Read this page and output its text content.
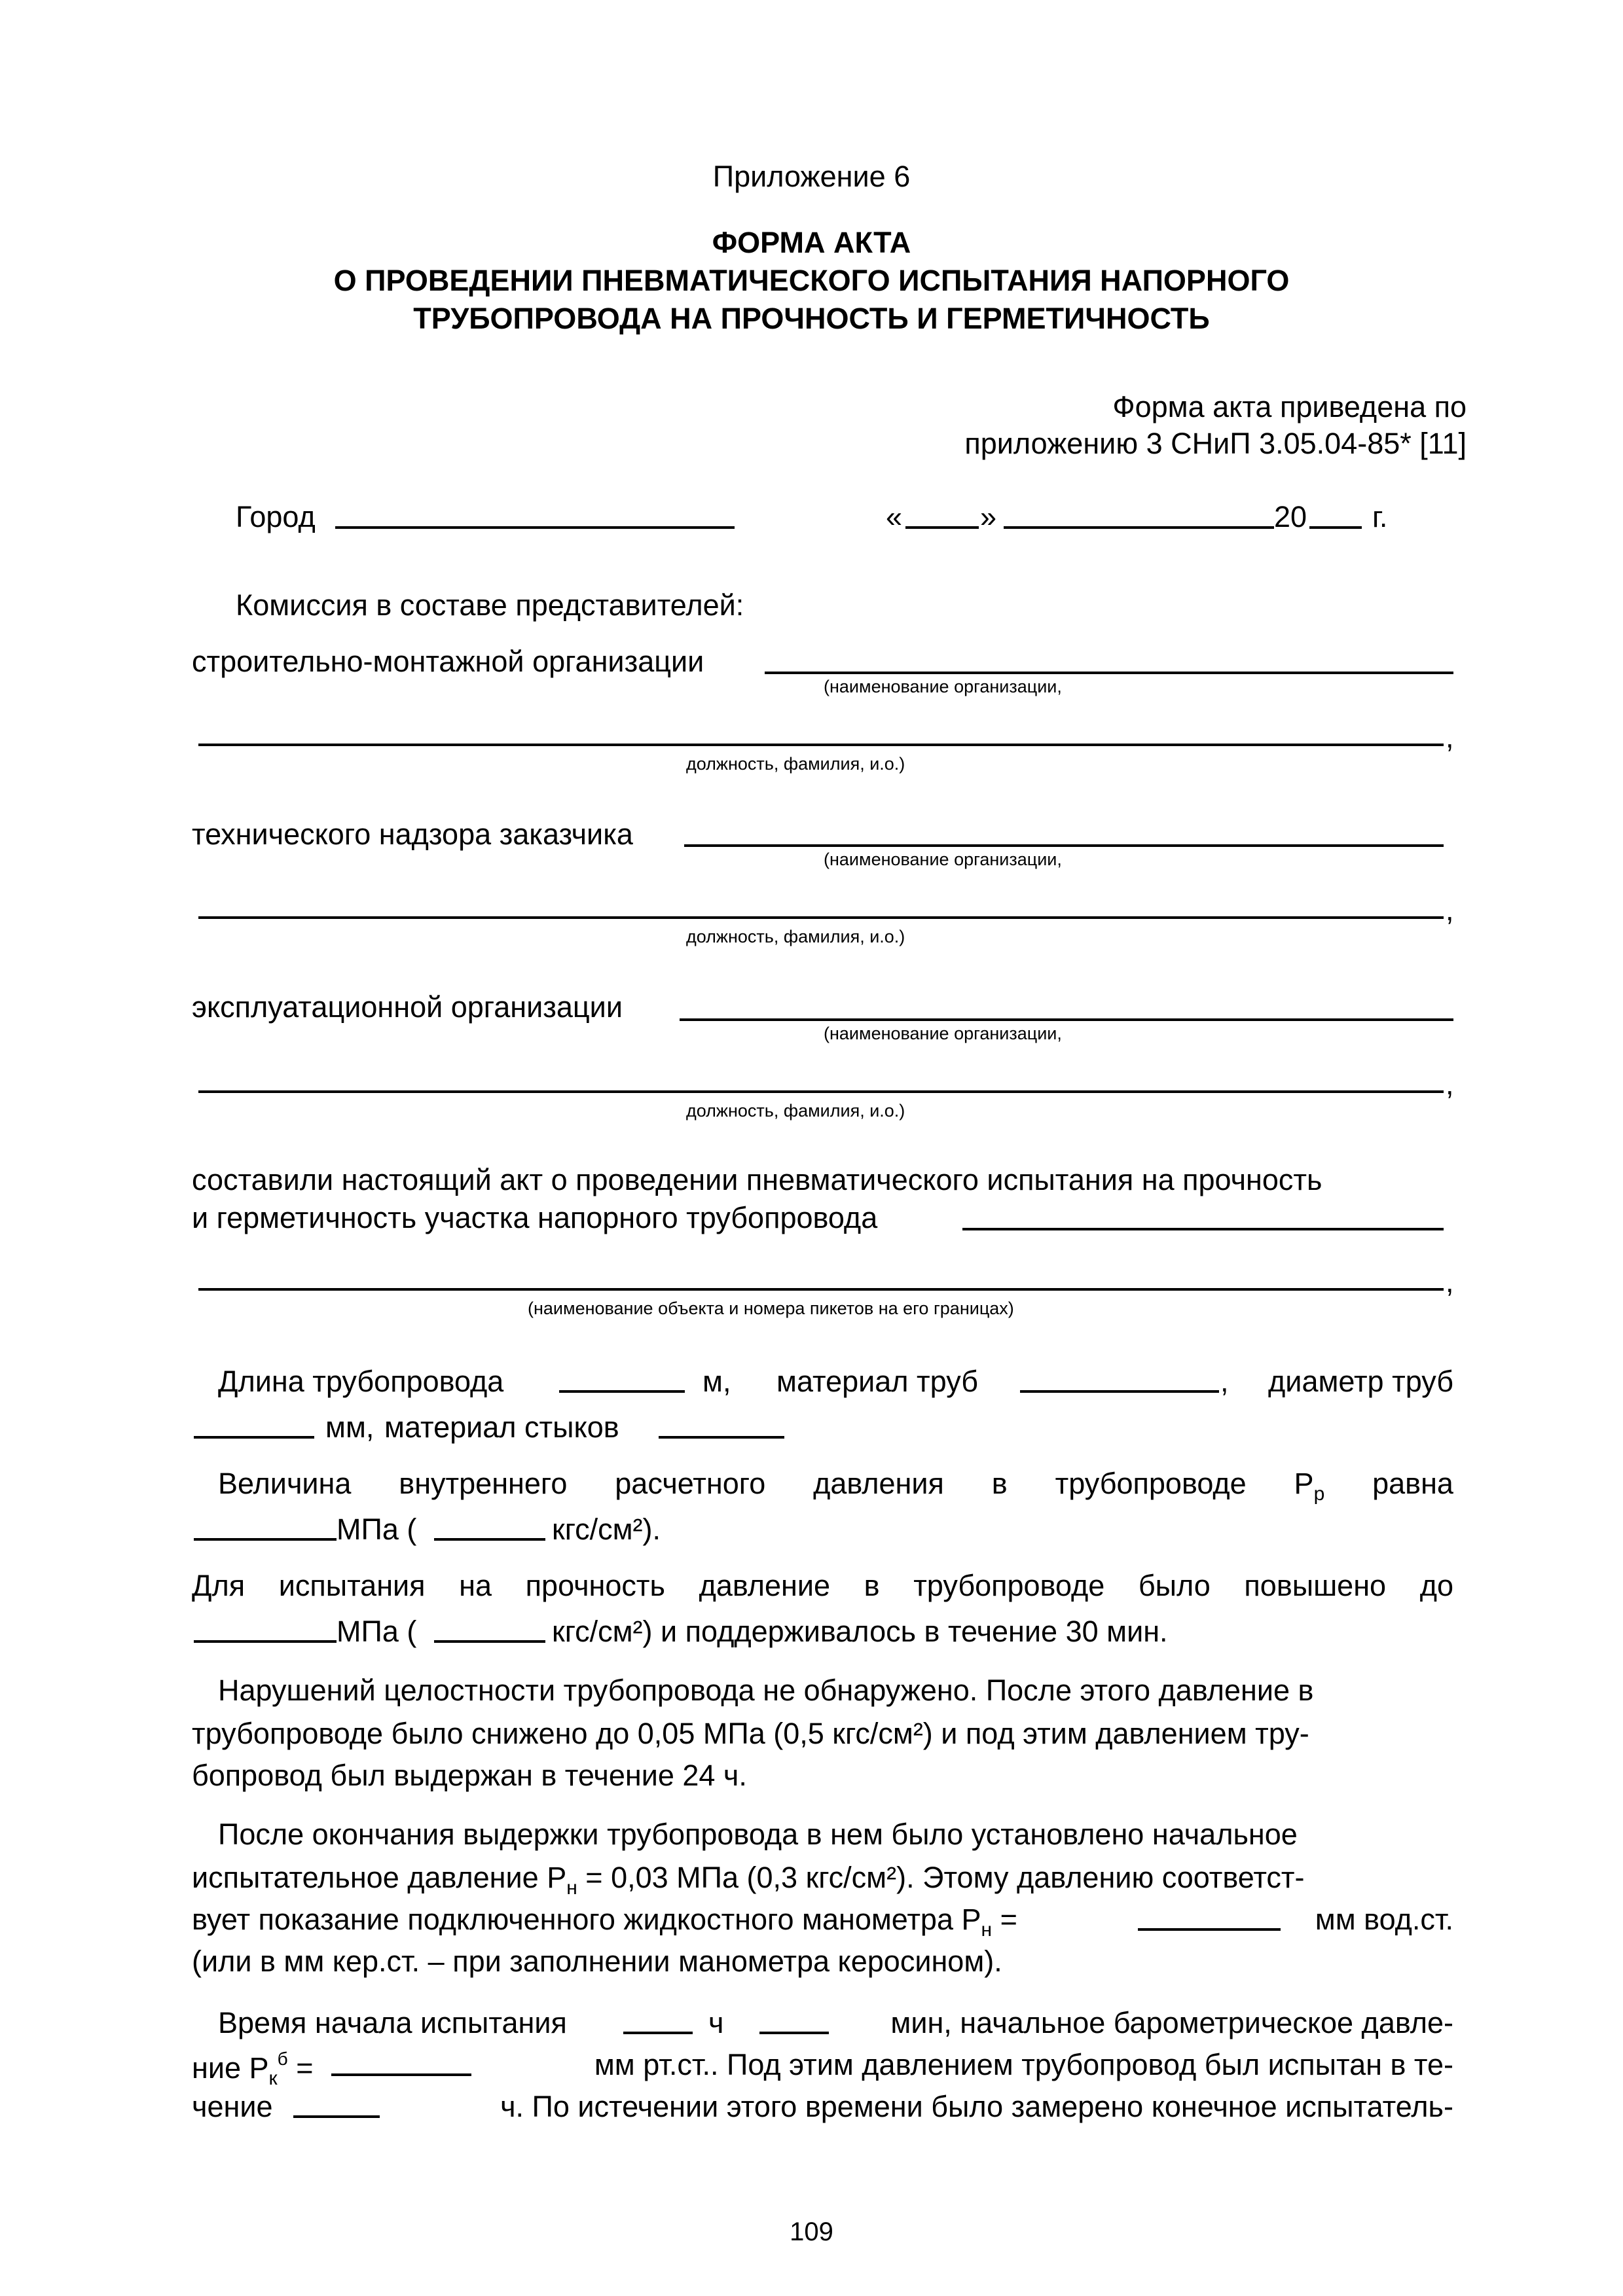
Приложение 6
ФОРМА АКТА
О ПРОВЕДЕНИИ ПНЕВМАТИЧЕСКОГО ИСПЫТАНИЯ НАПОРНОГО
ТРУБОПРОВОДА НА ПРОЧНОСТЬ И ГЕРМЕТИЧНОСТЬ
Форма акта приведена по
приложению 3 СНиП 3.05.04-85* [11]
Город	«	»	20 г.
Комиссия в составе представителей:
строительно-монтажной организации
(наименование организации,
,
должность, фамилия, и.о.)
технического надзора заказчика
(наименование организации,
,
должность, фамилия, и.о.)
эксплуатационной организации
(наименование организации,
,
должность, фамилия, и.о.)
составили настоящий акт о проведении пневматического испытания на прочность
и герметичность участка напорного трубопровода
,
(наименование объекта и номера пикетов на его границах)
Длина трубопровода	м, материал труб	, диаметр труб
мм, материал стыков
Величина внутреннего расчетного давления в трубопроводе $P_р$ равна
МПа (	кгс/см²).
Для испытания на прочность давление в трубопроводе было повышено до
МПа (	кгс/см²) и поддерживалось в течение 30 мин.
Нарушений целостности трубопровода не обнаружено. После этого давление в
трубопроводе было снижено до 0,05 МПа (0,5 кгс/см²) и под этим давлением тру-
бопровод был выдержан в течение 24 ч.
После окончания выдержки трубопровода в нем было установлено начальное
испытательное давление $P_н = 0,03$ МПа (0,3 кгс/см²). Этому давлению соответст-
вует показание подключенного жидкостного манометра $P_н$ =	мм вод.ст.
(или в мм кер.ст. – при заполнении манометра керосином).
Время начала испытания	ч	мин, начальное барометрическое давле-
ние $P_к^б$ =	мм рт.ст.. Под этим давлением трубопровод был испытан в те-
чение	ч. По истечении этого времени было замерено конечное испытатель-
109
